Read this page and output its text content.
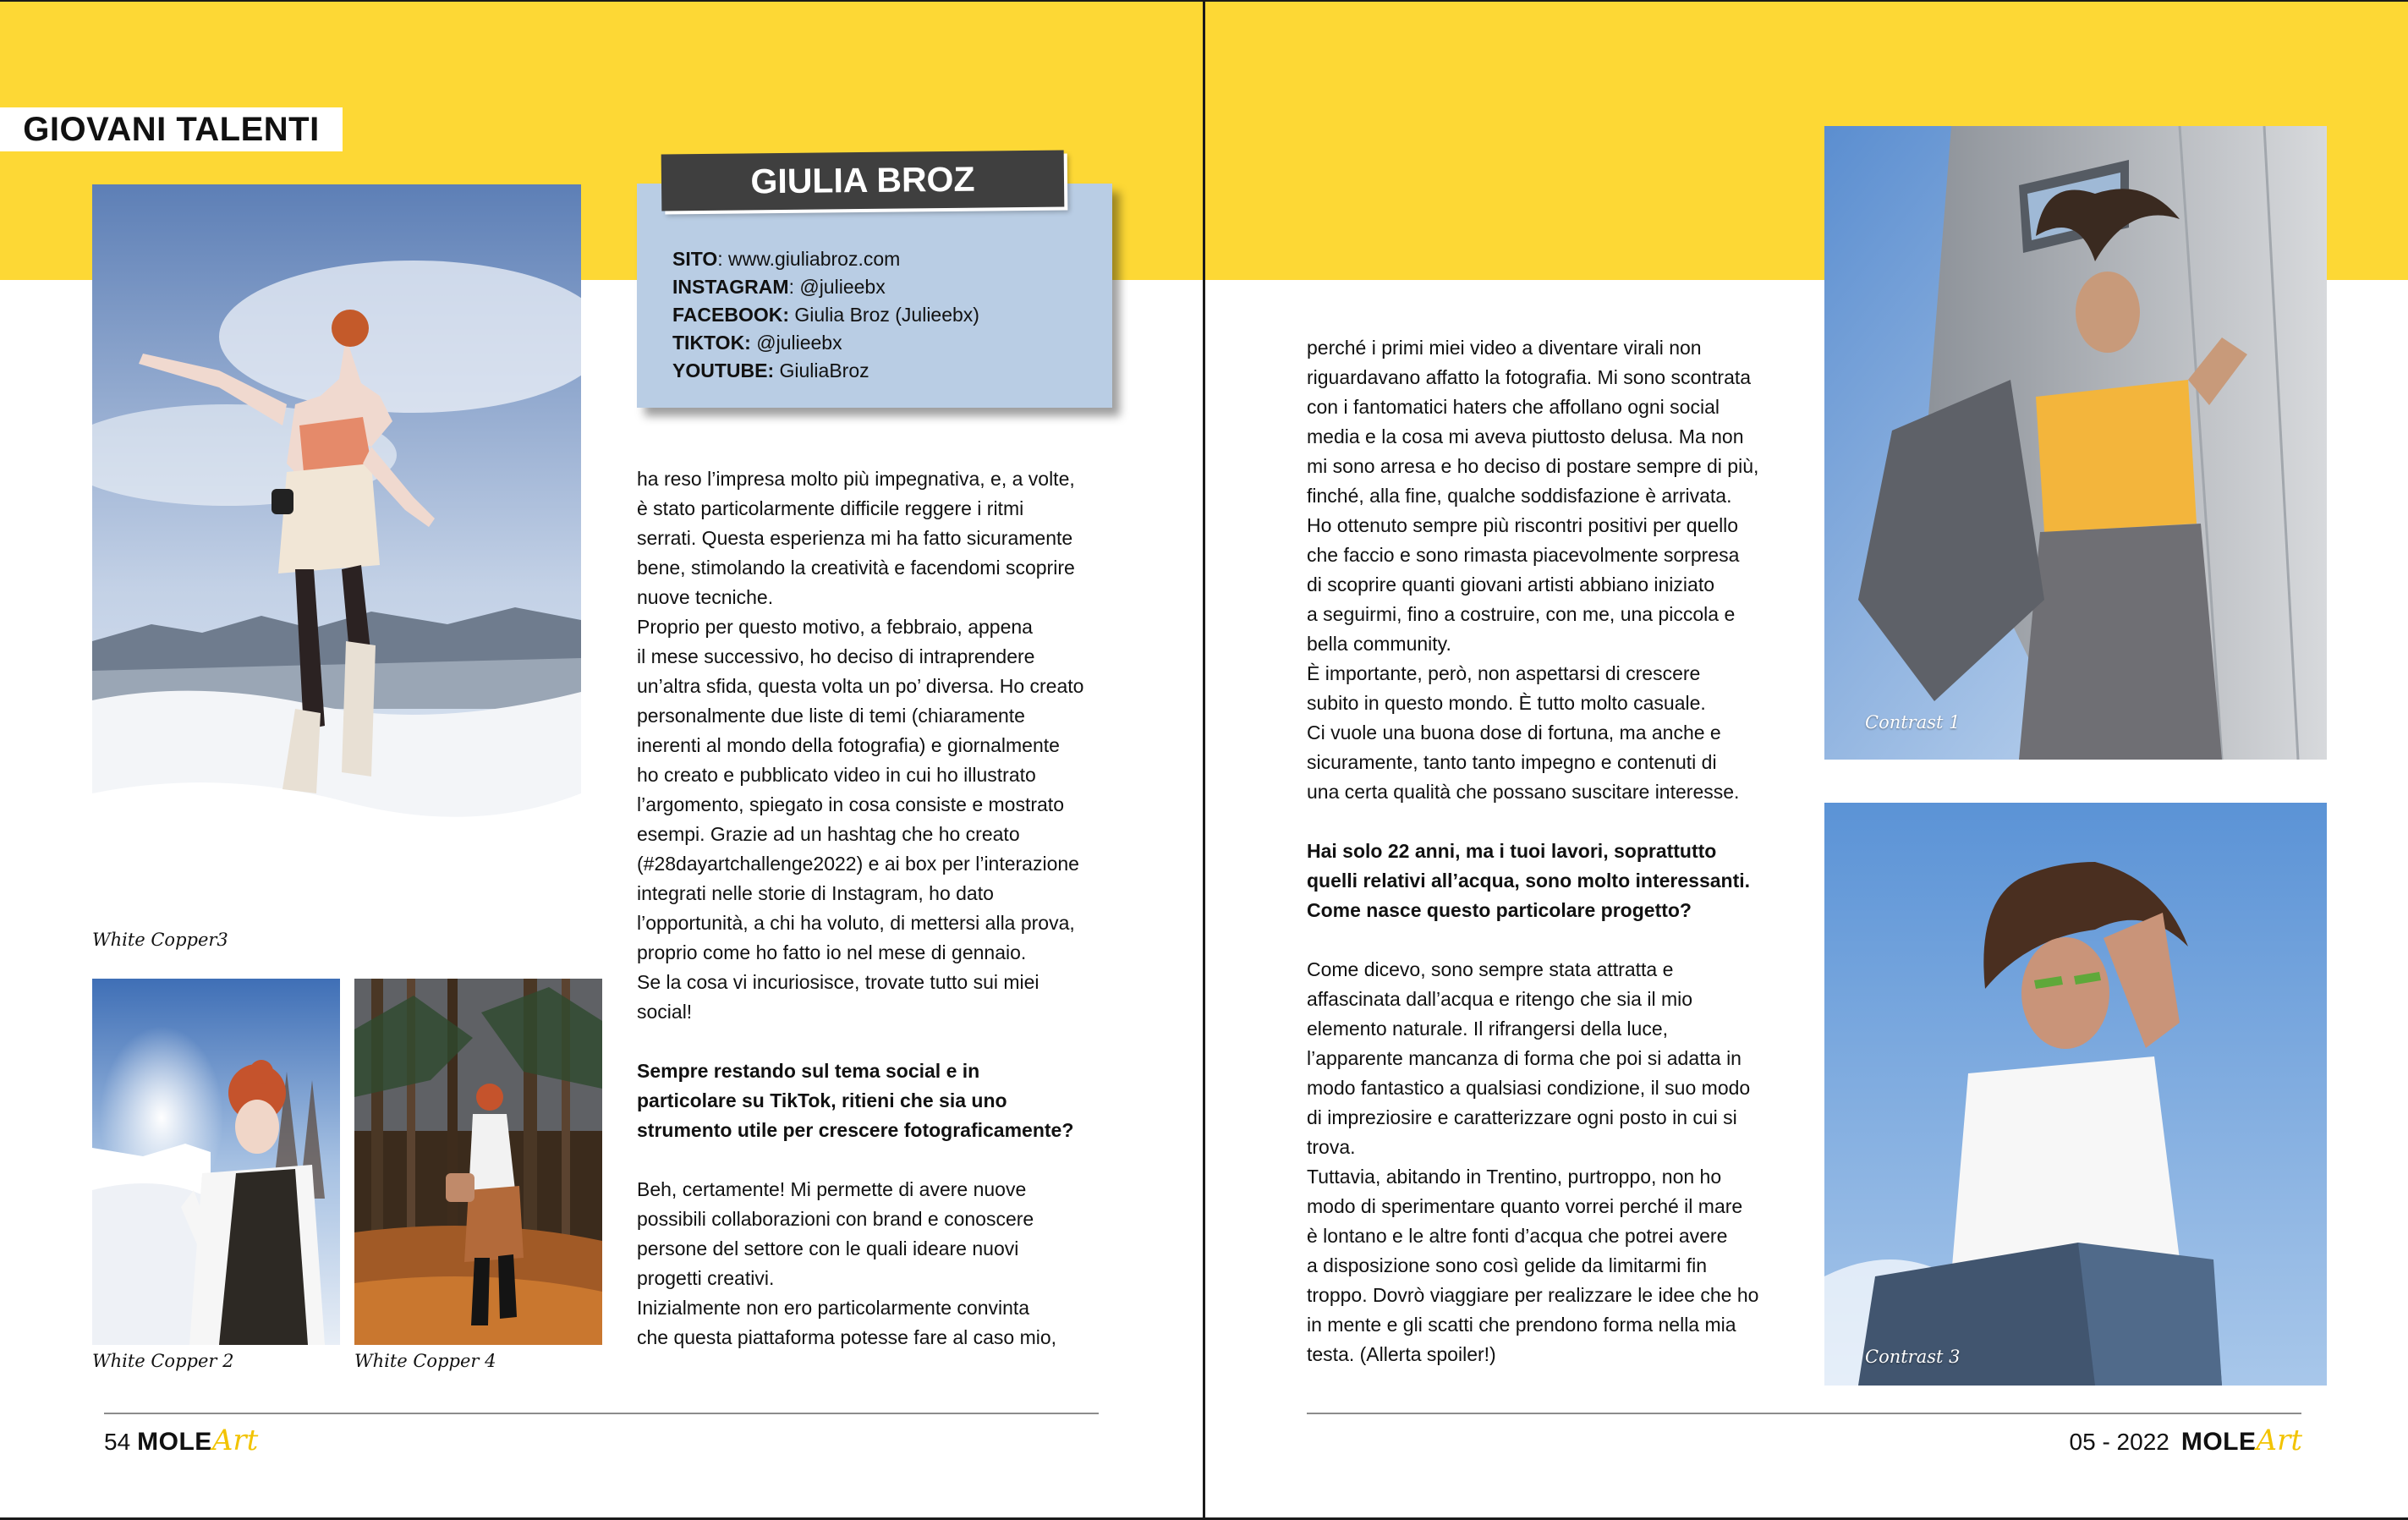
GIOVANI TALENTI
White Copper3
White Copper 2	White Copper 4
GIULIA BROZ
SITO: www.giuliabroz.com
INSTAGRAM: @julieebx
FACEBOOK: Giulia Broz (Julieebx)
TIKTOK: @julieebx
YOUTUBE: GiuliaBroz

ha reso l’impresa molto più impegnativa, e, a volte,

è stato particolarmente difficile reggere i ritmi

serrati. Questa esperienza mi ha fatto sicuramente

bene, stimolando la creatività e facendomi scoprire

nuove tecniche.

Proprio per questo motivo, a febbraio, appena

il mese successivo, ho deciso di intraprendere

un’altra sfida, questa volta un po’ diversa. Ho creato

personalmente due liste di temi (chiaramente

inerenti al mondo della fotografia) e giornalmente

ho creato e pubblicato video in cui ho illustrato

l’argomento, spiegato in cosa consiste e mostrato

esempi. Grazie ad un hashtag che ho creato

(#28dayartchallenge2022) e ai box per l’interazione

integrati nelle storie di Instagram, ho dato

l’opportunità, a chi ha voluto, di mettersi alla prova,

proprio come ho fatto io nel mese di gennaio.

Se la cosa vi incuriosisce, trovate tutto sui miei

social!

Sempre restando sul tema social e in

particolare su TikTok, ritieni che sia uno

strumento utile per crescere fotograficamente?

Beh, certamente! Mi permette di avere nuove

possibili collaborazioni con brand e conoscere

persone del settore con le quali ideare nuovi

progetti creativi.

Inizialmente non ero particolarmente convinta

che questa piattaforma potesse fare al caso mio,

54 MOLE Art

perché i primi miei video a diventare virali non

riguardavano affatto la fotografia. Mi sono scontrata

con i fantomatici haters che affollano ogni social

media e la cosa mi aveva piuttosto delusa. Ma non

mi sono arresa e ho deciso di postare sempre di più,

finché, alla fine, qualche soddisfazione è arrivata.

Ho ottenuto sempre più riscontri positivi per quello

che faccio e sono rimasta piacevolmente sorpresa

di scoprire quanti giovani artisti abbiano iniziato

a seguirmi, fino a costruire, con me, una piccola e

bella community.

È importante, però, non aspettarsi di crescere

subito in questo mondo. È tutto molto casuale.

Ci vuole una buona dose di fortuna, ma anche e

sicuramente, tanto tanto impegno e contenuti di

una certa qualità che possano suscitare interesse.

Hai solo 22 anni, ma i tuoi lavori, soprattutto

quelli relativi all’acqua, sono molto interessanti.

Come nasce questo particolare progetto?

Come dicevo, sono sempre stata attratta e

affascinata dall’acqua e ritengo che sia il mio

elemento naturale. Il rifrangersi della luce,

l’apparente mancanza di forma che poi si adatta in

modo fantastico a qualsiasi condizione, il suo modo

di impreziosire e caratterizzare ogni posto in cui si

trova.

Tuttavia, abitando in Trentino, purtroppo, non ho

modo di sperimentare quanto vorrei perché il mare

è lontano e le altre fonti d’acqua che potrei avere

a disposizione sono così gelide da limitarmi fin

troppo. Dovrò viaggiare per realizzare le idee che ho

in mente e gli scatti che prendono forma nella mia

testa. (Allerta spoiler!)

Contrast 1
Contrast 3
05 - 2022 MOLE Art
